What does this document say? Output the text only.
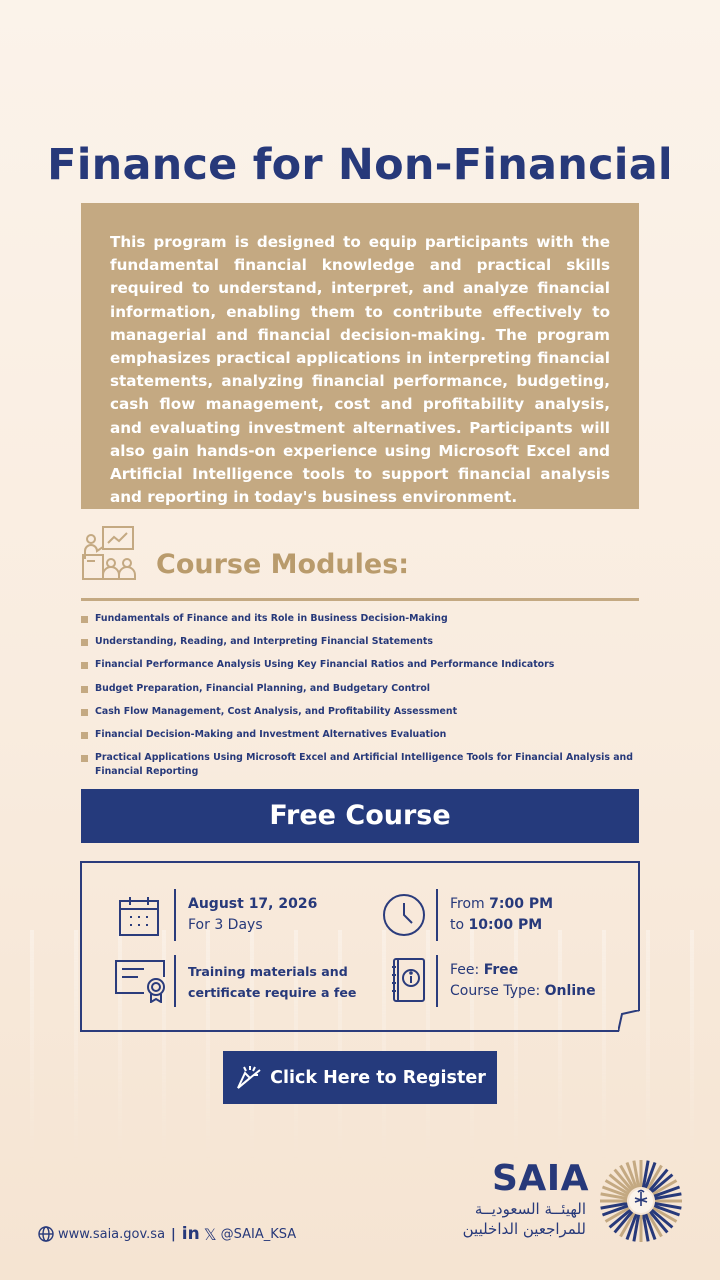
Finance for Non-Financial

This program is designed to equip participants with the fundamental financial knowledge and practical skills required to understand, interpret, and analyze financial information, enabling them to contribute effectively to managerial and financial decision-making. The program emphasizes practical applications in interpreting financial statements, analyzing financial performance, budgeting, cash flow management, cost and profitability analysis, and evaluating investment alternatives. Participants will also gain hands-on experience using Microsoft Excel and Artificial Intelligence tools to support financial analysis and reporting in today's business environment.

Course Modules:
Fundamentals of Finance and its Role in Business Decision-Making
Understanding, Reading, and Interpreting Financial Statements
Financial Performance Analysis Using Key Financial Ratios and Performance Indicators
Budget Preparation, Financial Planning, and Budgetary Control
Cash Flow Management, Cost Analysis, and Profitability Assessment
Financial Decision-Making and Investment Alternatives Evaluation
Practical Applications Using Microsoft Excel and Artificial Intelligence Tools for Financial Analysis and Financial Reporting
Free Course
August 17, 2026
For 3 Days
From 7:00 PM
to 10:00 PM
Training materials and
certificate require a fee
Fee: Free
Course Type: Online
Click Here to Register
www.saia.gov.sa | in 𝕏 @SAIA_KSA
SAIA
الهيئــة السعوديــة
للمراجعين الداخليين
